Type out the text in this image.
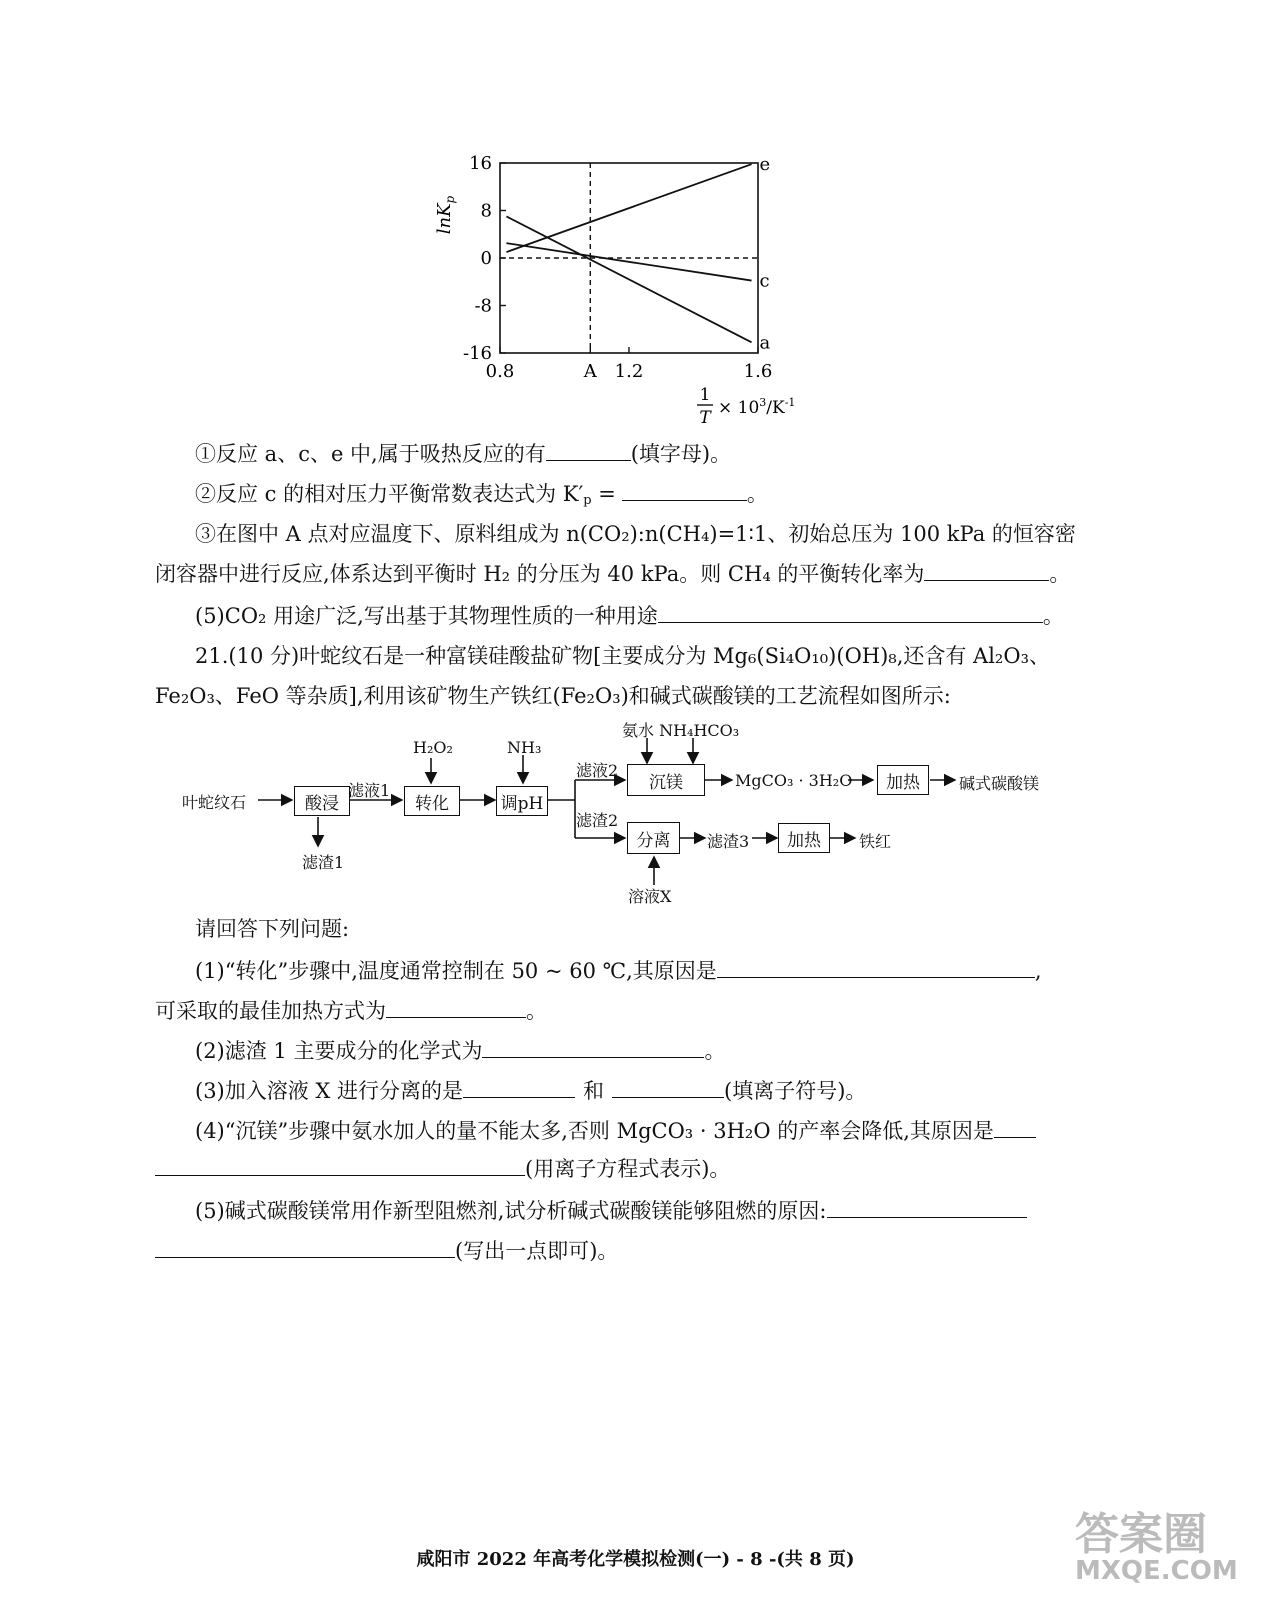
16
8
0
-8
-16
0.8	A 1.2	1.6
e
c
a
lnK$_p$
1
$T \times 10^3/K^{-1}$
①反应 a、c、e 中,属于吸热反应的有	(填字母)。
②反应 c 的相对压力平衡常数表达式为 $K'_p$ =	。
③在图中 A 点对应温度下、原料组成为 n(CO₂):n(CH₄)=1∶1、初始总压为 100 kPa 的恒容密
闭容器中进行反应,体系达到平衡时 H₂ 的分压为 40 kPa。则 CH₄ 的平衡转化率为	。
(5)CO₂ 用途广泛,写出基于其物理性质的一种用途	。
21.(10 分)叶蛇纹石是一种富镁硅酸盐矿物[主要成分为 Mg₆(Si₄O₁₀)(OH)₈,还含有 Al₂O₃、
Fe₂O₃、FeO 等杂质],利用该矿物生产铁红(Fe₂O₃)和碱式碳酸镁的工艺流程如图所示:
叶蛇纹石	酸浸
滤渣1
滤液1
H₂O₂
转化
NH₃
调pH
滤液2
滤渣2
氨水 NH₄HCO₃
沉镁	MgCO₃ · 3H₂O	加热	碱式碳酸镁
分离
溶液X
滤渣3	加热	铁红
请回答下列问题:
(1)“转化”步骤中,温度通常控制在 50 ~ 60 ℃,其原因是	,
可采取的最佳加热方式为	。
(2)滤渣 1 主要成分的化学式为	。
(3)加入溶液 X 进行分离的是	和	(填离子符号)。
(4)“沉镁”步骤中氨水加人的量不能太多,否则 MgCO₃ · 3H₂O 的产率会降低,其原因是
(用离子方程式表示)。
(5)碱式碳酸镁常用作新型阻燃剂,试分析碱式碳酸镁能够阻燃的原因:
(写出一点即可)。
咸阳市 2022 年高考化学模拟检测(一) - 8 -(共 8 页)	答案圈
MXQE.COM
